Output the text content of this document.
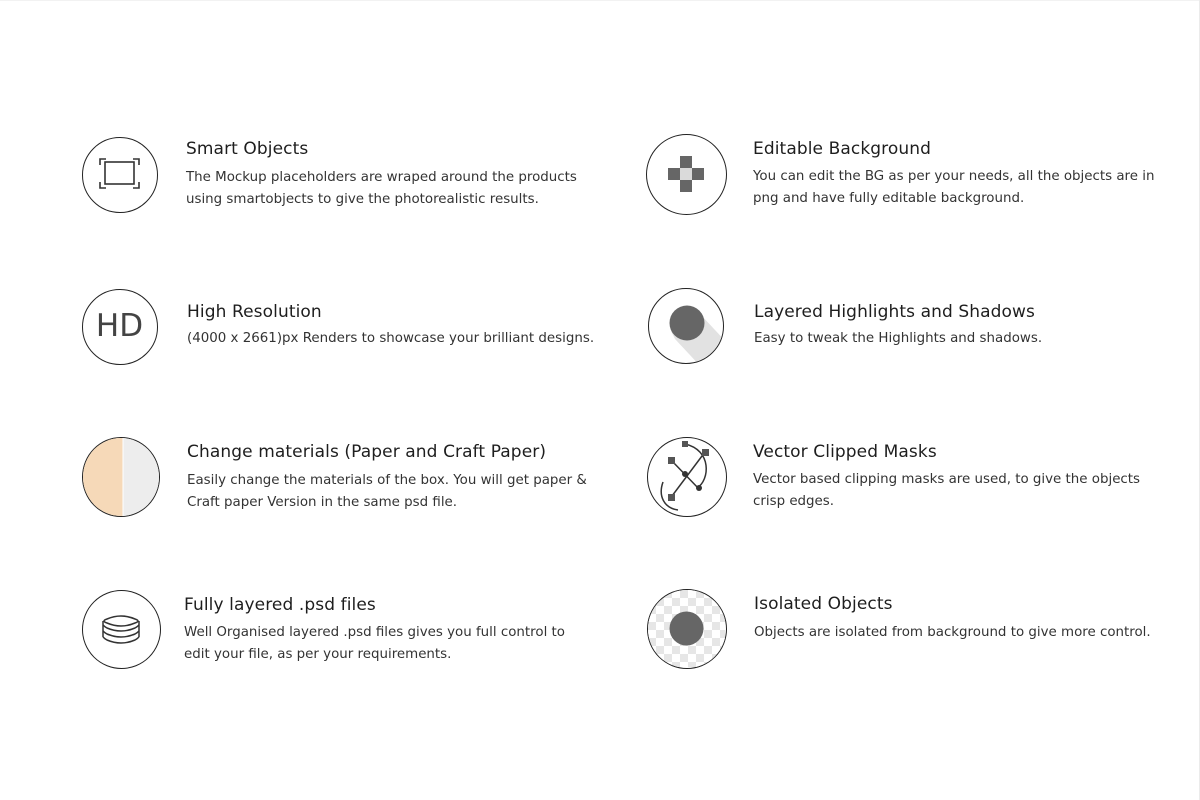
Smart Objects
The Mockup placeholders are wraped around the products
using smartobjects to give the photorealistic results.
Editable Background
You can edit the BG as per your needs, all the objects are in
png and have fully editable background.
HD	High Resolution
(4000 x 2661)px Renders to showcase your brilliant designs.
Layered Highlights and Shadows
Easy to tweak the Highlights and shadows.
Change materials (Paper and Craft Paper)
Easily change the materials of the box. You will get paper &
Craft paper Version in the same psd file.
Vector Clipped Masks
Vector based clipping masks are used, to give the objects
crisp edges.
Fully layered .psd files
Well Organised layered .psd files gives you full control to
edit your file, as per your requirements.
Isolated Objects
Objects are isolated from background to give more control.
